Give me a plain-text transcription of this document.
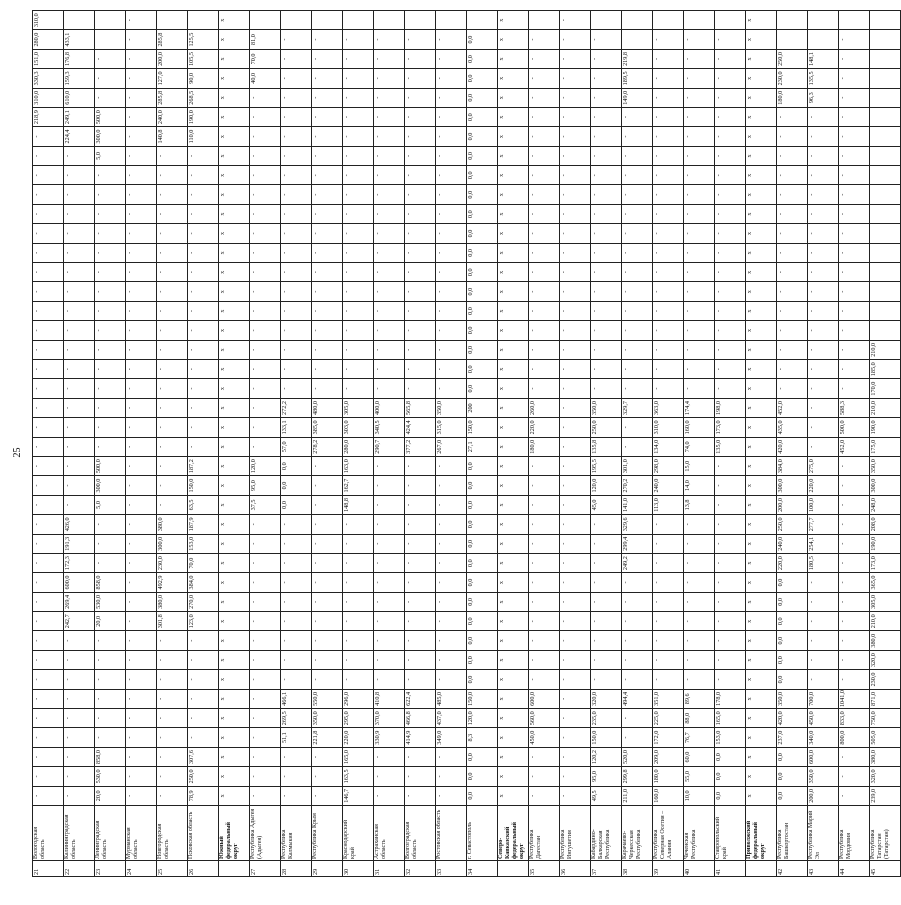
25
21	Вологодская область	-	-	-	-	-	-	-	-	-	-	-	-	-	-	-	-	-	-	-	-	-	-	-	-	-	-	-	-	-	-	-	-	-	-	-	218,9	310,0	330,3	151,0	280,0	310,0
22	Калининградская область	-	-	-	-	-	-	-	-	-	242,7	269,4	600,0	172,3	191,3	426,0	-	-	-	-	-	-	-	-	-	-	-	-	-	-	-	-	-	-	-	224,4	249,1	610,0	159,3	176,8	433,1	
23	Ленинградская область	20,0	530,0	858,0	-	-	-	-	-	-	20,0	530,0	858,0	-	-	-	5,0	300,0	500,0	-	-	-	-	-	-	-	-	-	-	-	-	-	-	-	5,0	300,0	500,0	-	-	-		
24	Мурманская область	-	-	-	-	-	-	-	-	-	-	-	-	-	-	-	-	-	-	-	-	-	-	-	-	-	-	-	-	-	-	-	-	-	-	-	-	-	-	-	-	-
25	Новгородская область	-	-	-	-	-	-	-	-	-	301,8	380,0	492,9	230,0	300,0	380,0	-	-	-	-	-	-	-	-	-	-	-	-	-	-	-	-	-	-	-	140,8	240,0	285,8	127,0	200,0	285,8	
26	Псковская область	78,9	250,0	307,6	-	-	-	-	-	-	123,0	270,0	384,0	70,0	153,0	187,9	63,5	150,0	187,2	-	-	-	-	-	-	-	-	-	-	-	-	-	-	-	-	110,0	190,0	268,5	90,0	105,5	125,5	
	Южный федеральный округ	х	х	х	х	х	х	х	х	х	х	х	х	х	х	х	х	х	х	х	х	х	х	х	х	х	х	х	х	х	х	х	х	х	х	х	х	х	х	х	х	х
27	Республика Адыгея (Адыгея)	-	-	-	-	-	-	-	-	-	-	-	-	-	-	-	37,5	95,0	120,0	-	-	-	-	-	-	-	-	-	-	-	-	-	-	-	-	-	-	-	40,0	70,0	81,0	
28	Республика Калмыкия	-	-	-	51,1	269,5	466,1	-	-	-	-	-	-	-	-	-	0,0	0,0	0,0	57,0	133,1	272,2	-	-	-	-	-	-	-	-	-	-	-	-	-	-	-	-	-	-	-	
29	Республика Крым	-	-	-	221,8	350,0	550,0	-	-	-	-	-	-	-	-	-	-	-	-	278,2	385,0	480,0	-	-	-	-	-	-	-	-	-	-	-	-	-	-	-	-	-	-	-	
30	Краснодарский край	146,7	163,5	165,0	220,0	295,0	296,0	-	-	-	-	-	-	-	-	-	148,8	162,7	163,0	280,0	303,0	305,0	-	-	-	-	-	-	-	-	-	-	-	-	-	-	-	-	-	-	-	
31	Астраханская область	-	-	-	330,9	370,0	410,8	-	-	-	-	-	-	-	-	-	-	-	-	290,7	340,5	400,0	-	-	-	-	-	-	-	-	-	-	-	-	-	-	-	-	-	-	-	
32	Волгоградская область	-	-	-	414,9	466,8	622,4	-	-	-	-	-	-	-	-	-	-	-	-	377,2	424,4	565,8	-	-	-	-	-	-	-	-	-	-	-	-	-	-	-	-	-	-	-	
33	Ростовская область	-	-	-	349,0	437,0	485,0	-	-	-	-	-	-	-	-	-	-	-	-	267,0	315,0	350,0	-	-	-	-	-	-	-	-	-	-	-	-	-	-	-	-	-	-	-	
34	г. Севастополь	0,0	0,0	0,0	8,3	120,0	150,0	0,0	0,0	0,0	0,0	0,0	0,0	0,0	0,0	0,0	0,0	0,0	0,0	27,1	150,0	200	0,0	0,0	0,0	0,0	0,0	0,0	0,0	0,0	0,0	0,0	0,0	0,0	0,0	0,0	0,0	0,0	0,0	0,0	0,0	
	Северо-Кавказский федеральный округ	х	х	х	х	х	х	х	х	х	х	х	х	х	х	х	х	х	х	х	х	х	х	х	х	х	х	х	х	х	х	х	х	х	х	х	х	х	х	х	х	х
35	Республика Дагестан	-	-	-	450,0	560,0	600,0	-	-	-	-	-	-	-	-	-	-	-	-	180,0	220,0	260,0	-	-	-	-	-	-	-	-	-	-	-	-	-	-	-	-	-	-	-	
36	Республика Ингушетия	-	-	-	-	-	-	-	-	-	-	-	-	-	-	-	-	-	-	-	-	-	-	-	-	-	-	-	-	-	-	-	-	-	-	-	-	-	-	-	-	-
37	Кабардино-Балкарская Республика	49,5	95,0	120,2	150,0	235,0	320,0	-	-	-	-	-	-	-	-	-	45,0	120,0	195,5	135,8	250,0	350,0	-	-	-	-	-	-	-	-	-	-	-	-	-	-	-	-	-	-	-	
38	Карачаево-Черкесская Республика	211,0	299,8	520,0	-	-	494,4	-	-	-	-	-	-	249,2	299,4	329,6	141,0	270,2	301,0	-	-	329,7	-	-	-	-	-	-	-	-	-	-	-	-	-	-	-	149,0	189,5	219,8		
39	Республика Северная Осетия – Алания	160,0	180,0	209,0	172,0	225,0	351,0	-	-	-	-	-	-	-	-	-	113,0	240,0	298,0	134,0	310,0	363,0	-	-	-	-	-	-	-	-	-	-	-	-	-	-	-	-	-	-	-	
40	Чеченская Республика	10,0	55,0	60,0	76,7	88,0	89,6	-	-	-	-	-	-	-	-	-	13,8	14,0	15,0	74,0	160,0	174,4	-	-	-	-	-	-	-	-	-	-	-	-	-	-	-	-	-	-	-	
41	Ставропольский край	0,0	0,0	0,0	153,0	165,0	178,0	-	-	-	-	-	-	-	-	-	-	-	-	135,0	173,0	198,0	-	-	-	-	-	-	-	-	-	-	-	-	-	-	-	-	-	-	-	
	Приволжский федеральный округ	х	х	х	х	х	х	х	х	х	х	х	х	х	х	х	х	х	х	х	х	х	х	х	х	х	х	х	х	х	х	х	х	х	х	х	х	х	х	х	х	х
42	Республика Башкортостан	0,0	0,0	0,0	237,0	420,0	350,0	0,0	0,0	0,0	0,0	0,0	0,0	220,0	240,0	250,0	200,0	300,0	384,0	420,0	435,0	452,0	-	-	-	-	-	-	-	-	-	-	-	-	-	-	-	180,0	230,0	250,0		
43	Республика Марий Эл	200,0	350,0	600,0	340,0	450,0	700,0	-	-	-	-	-	-	180,5	254,1	277,7	100,0	220,0	275,0	-	-	-	-	-	-	-	-	-	-	-	-	-	-	-	-	-	-	96,3	135,5	148,1		
44	Республика Мордовия	-	-	-	800,0	833,0	1041,0	-	-	-	-	-	-	-	-	-	-	-	-	452,0	500,0	588,3	-	-	-	-	-	-	-	-	-	-	-	-	-	-	-	-	-	-	-	
45	Республика Татарстан (Татарстан)	239,0	320,0	380,0	505,0	750,0	871,0	230,0	320,0	380,0	210,0	305,0	365,0	173,0	190,0	208,0	248,0	300,0	350,0	175,0	190,0	210,0	170,0	185,0	210,0																	
